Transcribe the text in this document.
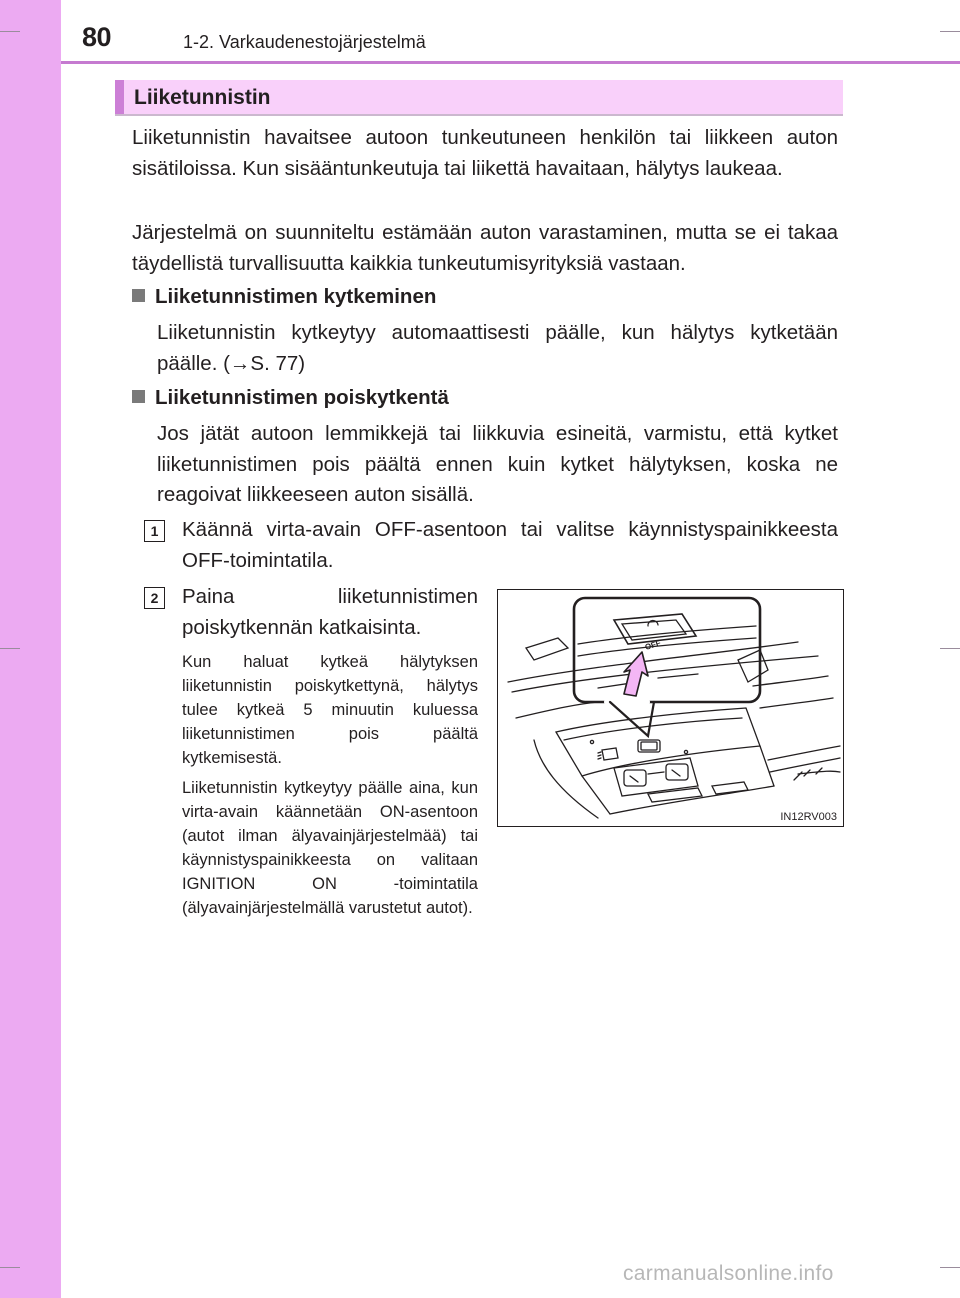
80	1-2. Varkaudenestojärjestelmä
Liiketunnistin

Liiketunnistin havaitsee autoon tunkeutuneen henkilön tai liikkeen auton sisätiloissa. Kun sisääntunkeutuja tai liikettä havaitaan, hälytys laukeaa.

Järjestelmä on suunniteltu estämään auton varastaminen, mutta se ei takaa täydellistä turvallisuutta kaikkia tunkeutumisyrityksiä vastaan.

Liiketunnistimen kytkeminen

Liiketunnistin kytkeytyy automaattisesti päälle, kun hälytys kytketään päälle. (→S. 77)

Liiketunnistimen poiskytkentä

Jos jätät autoon lemmikkejä tai liikkuvia esineitä, varmistu, että kytket liiketunnistimen pois päältä ennen kuin kytket hälytyksen, koska ne reagoivat liikkeeseen auton sisällä.

1	Käännä virta-avain OFF-asentoon tai valitse käynnistyspainikkeesta OFF-toimintatila.

2	Paina liiketunnistimen poiskytkennän katkaisinta.

Kun haluat kytkeä hälytyksen liiketunnistin poiskytkettynä, hälytys tulee kytkeä 5 minuutin kuluessa liiketunnistimen pois päältä kytkemisestä.

Liiketunnistin kytkeytyy päälle aina, kun virta-avain käännetään ON-asentoon (autot ilman älyavainjärjestelmää) tai käynnistyspainikkeesta on valitaan IGNITION ON -toimintatila (älyavainjärjestelmällä varustetut autot).

OFF
IN12RV003
carmanualsonline.info
